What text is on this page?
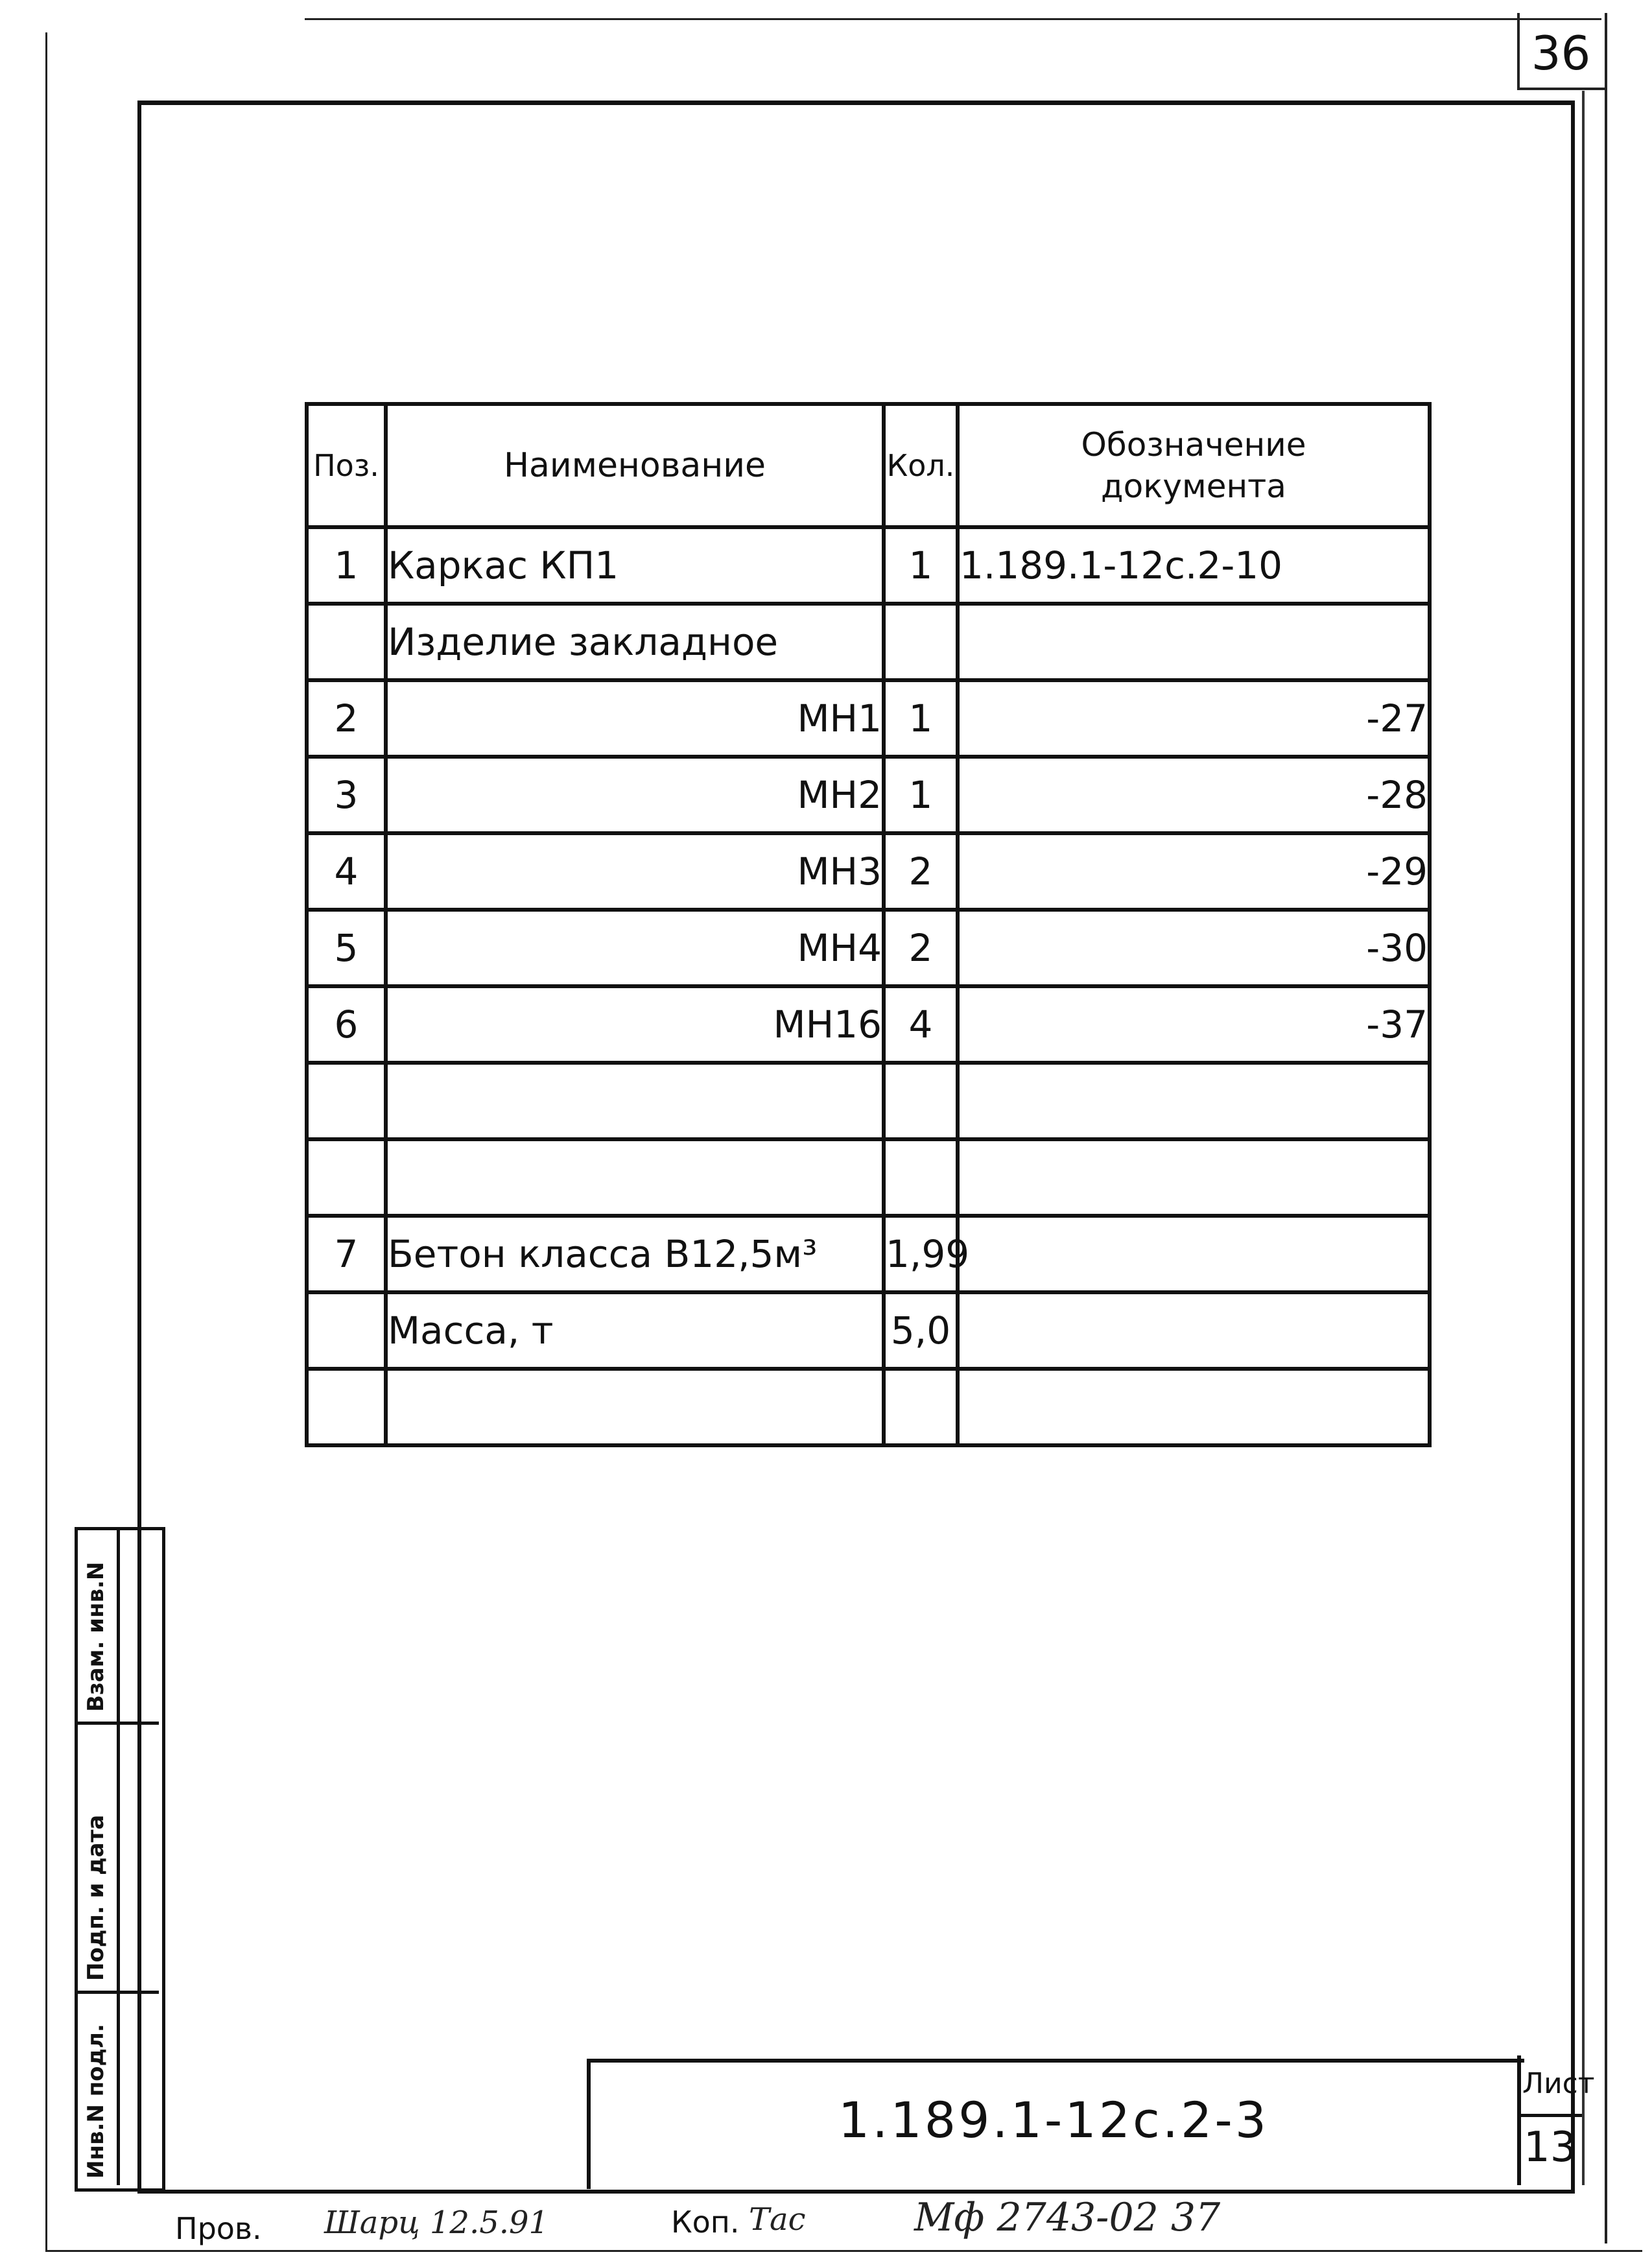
36
Поз.	Наименование	Кол.	Обозначение
документа

1	Каркас КП1	1	1.189.1-12с.2-10
	Изделие закладное		
2	МН1	1	-27
3	МН2	1	-28
4	МН3	2	-29
5	МН4	2	-30
6	МН16	4	-37

7	Бетон класса В12,5м³	1,99	
	Масса, т	5,0	

Взам. инв.N
Подп. и дата
Инв.N подл.	1.189.1-12с.2-3
Лист
13
Пров. Шарц 12.5.91	Коп. Тас	Мф 2743-02 37
